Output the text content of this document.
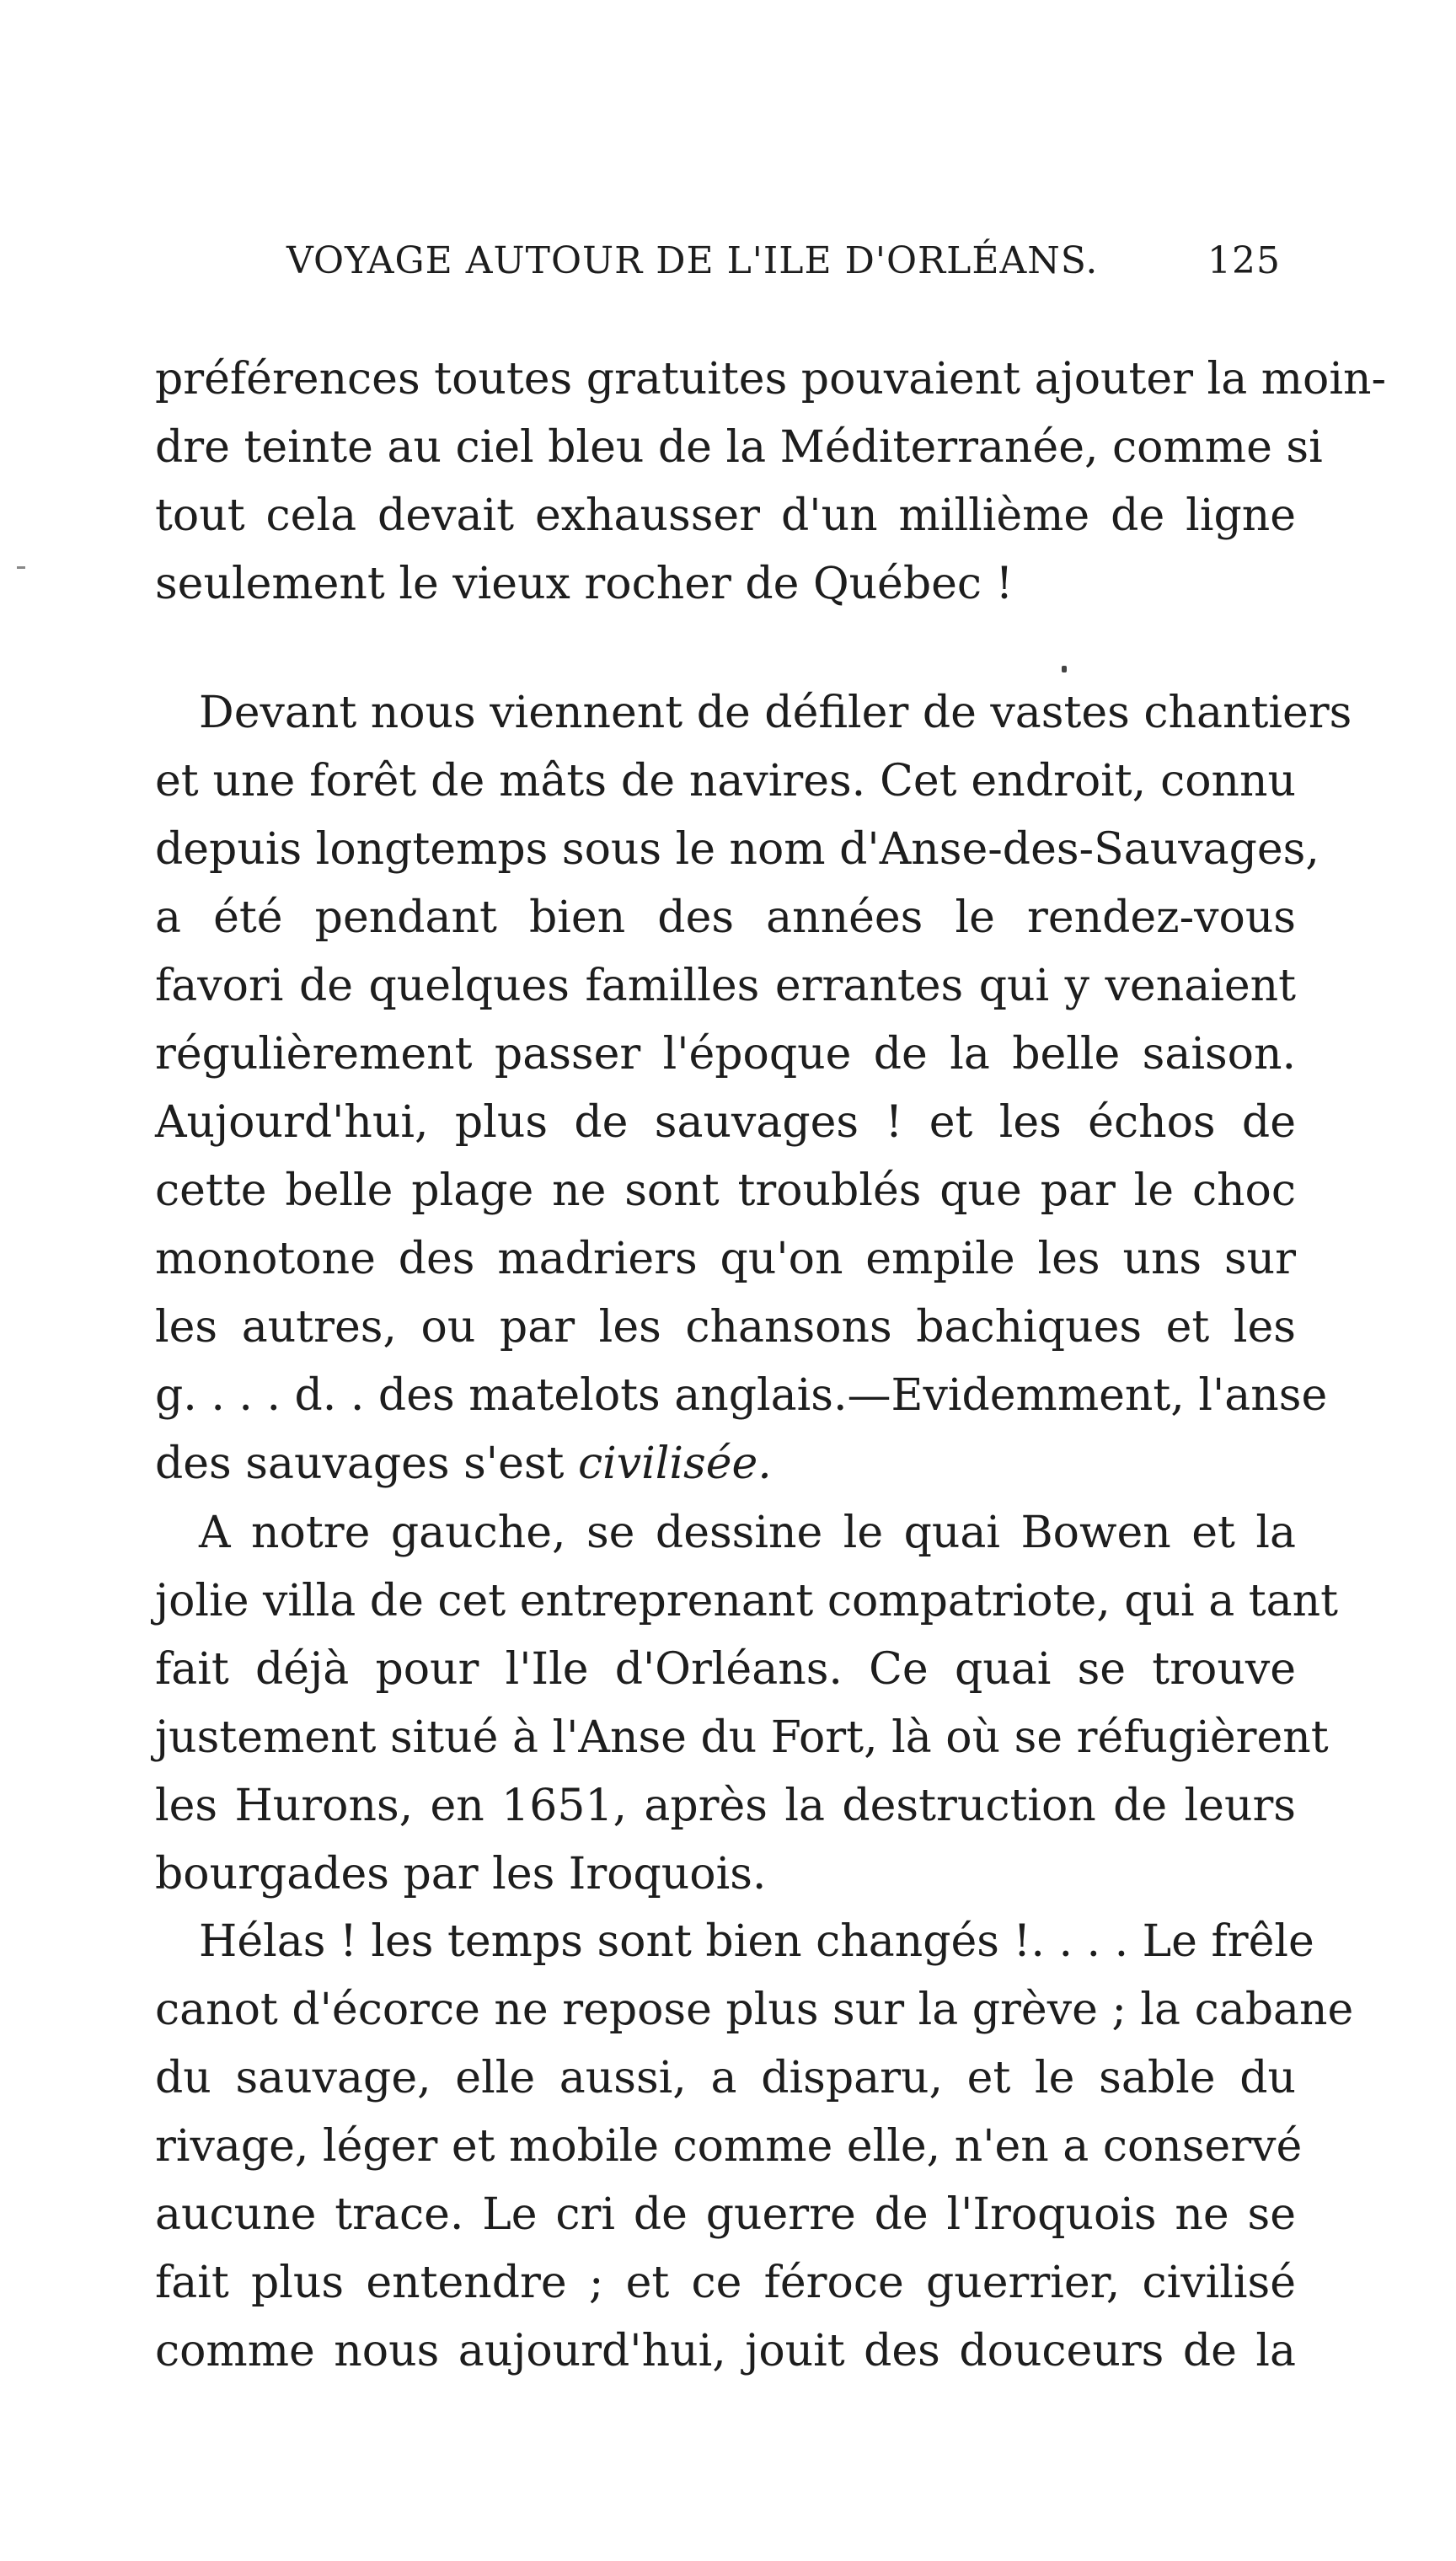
VOYAGE AUTOUR DE L'ILE D'ORLÉANS.	125
préférences toutes gratuites pouvaient ajouter la moin-
dre teinte au ciel bleu de la Méditerranée, comme si
tout cela devait exhausser d'un millième de ligne
seulement le vieux rocher de Québec !
Devant nous viennent de défiler de vastes chantiers
et une forêt de mâts de navires. Cet endroit, connu
depuis longtemps sous le nom d'Anse-des-Sauvages,
a été pendant bien des années le rendez-vous
favori de quelques familles errantes qui y venaient
régulièrement passer l'époque de la belle saison.
Aujourd'hui, plus de sauvages ! et les échos de
cette belle plage ne sont troublés que par le choc
monotone des madriers qu'on empile les uns sur
les autres, ou par les chansons bachiques et les
g. . . . d. . des matelots anglais.—Evidemment, l'anse
des sauvages s'est civilisée.
A notre gauche, se dessine le quai Bowen et la
jolie villa de cet entreprenant compatriote, qui a tant
fait déjà pour l'Ile d'Orléans. Ce quai se trouve
justement situé à l'Anse du Fort, là où se réfugièrent
les Hurons, en 1651, après la destruction de leurs
bourgades par les Iroquois.
Hélas ! les temps sont bien changés !. . . . Le frêle
canot d'écorce ne repose plus sur la grève ; la cabane
du sauvage, elle aussi, a disparu, et le sable du
rivage, léger et mobile comme elle, n'en a conservé
aucune trace. Le cri de guerre de l'Iroquois ne se
fait plus entendre ; et ce féroce guerrier, civilisé
comme nous aujourd'hui, jouit des douceurs de la
